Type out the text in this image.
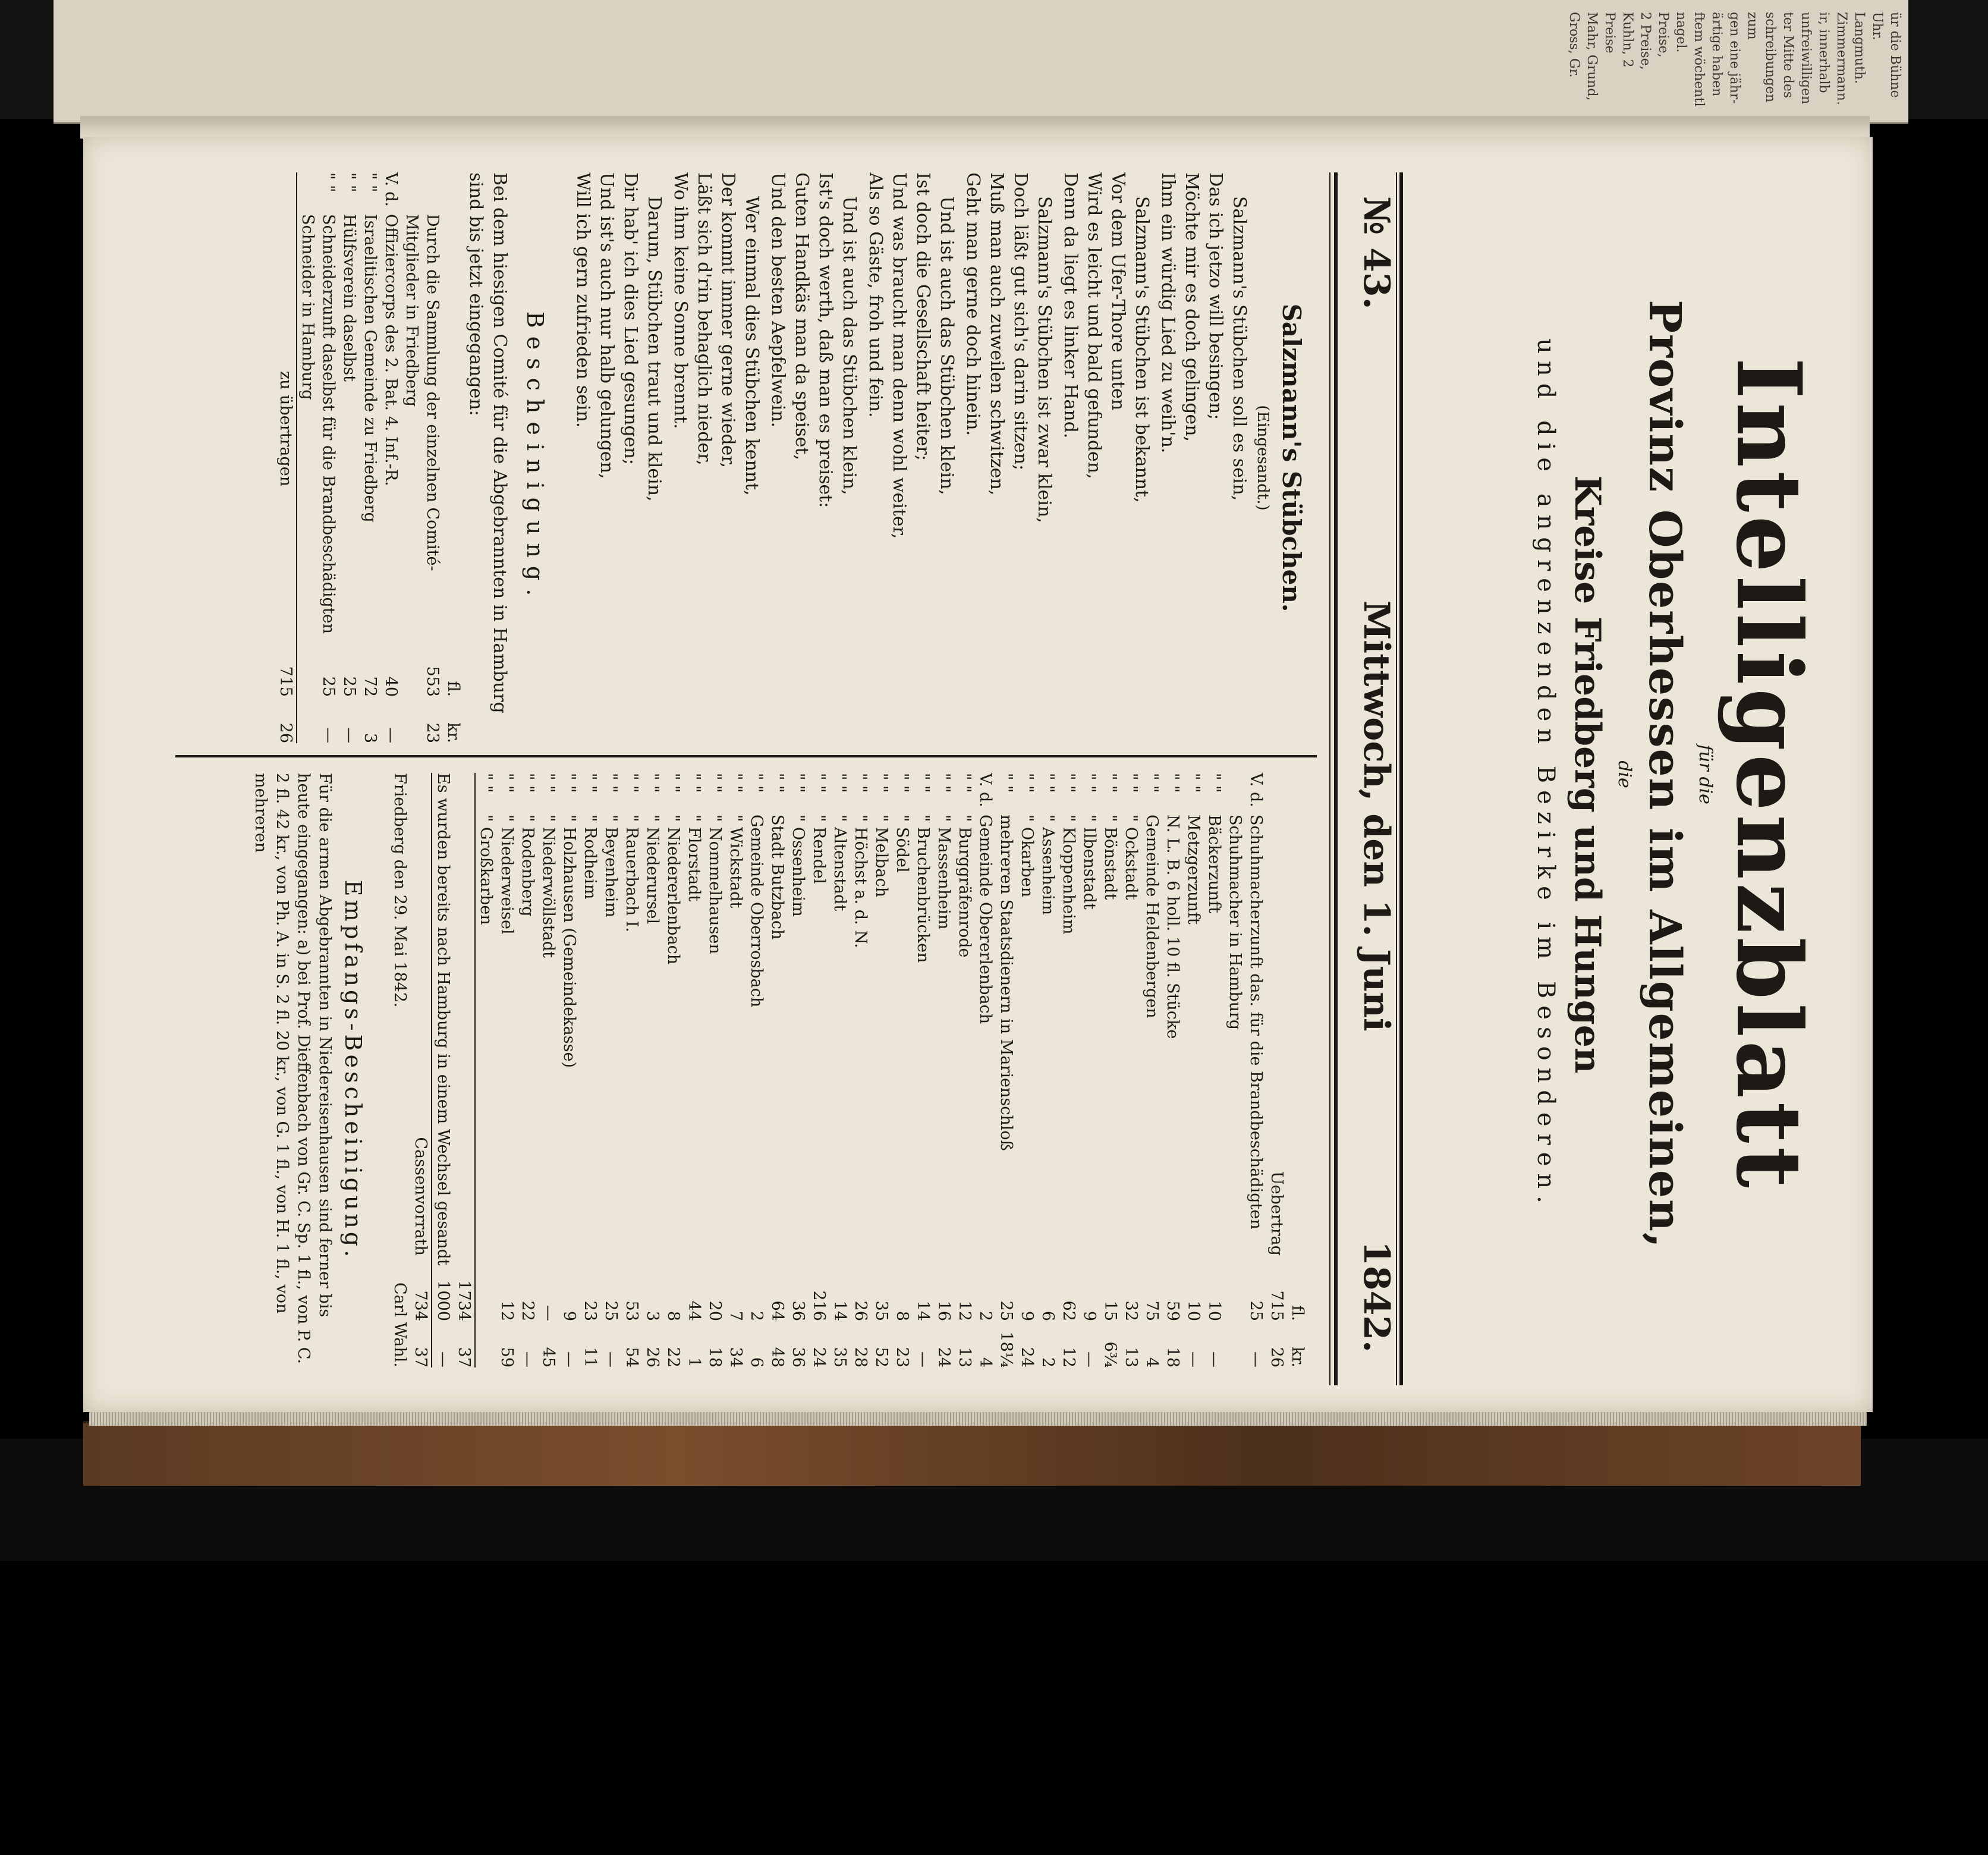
ür die Bühne
Uhr.
Langmuth.
Zimmermann.
ir, innerhalb
unfreiwilligen
ter Mitte des
schreibungen zum
gen eine jähr-
ärtige haben
ftem wöchentl
nagel.
Preise,
2 Preise,
Kuhln, 2 Preise
Mahr, Grund,
Gross, Gr.
Intelligenzblatt
für die
Provinz Oberhessen im Allgemeinen,
die
Kreise Friedberg und Hungen
und die angrenzenden Bezirke im Besonderen.
№ 43.
Mittwoch, den 1. Juni
1842.
Salzmann's Stübchen.
(Eingesandt.)
Salzmann's Stübchen soll es sein,
Das ich jetzo will besingen;
Möchte mir es doch gelingen,
Ihm ein würdig Lied zu weih'n.
Salzmann's Stübchen ist bekannt,
Vor dem Ufer-Thore unten
Wird es leicht und bald gefunden,
Denn da liegt es linker Hand.
Salzmann's Stübchen ist zwar klein,
Doch läßt gut sich's darin sitzen;
Muß man auch zuweilen schwitzen,
Geht man gerne doch hinein.
Und ist auch das Stübchen klein,
Ist doch die Gesellschaft heiter;
Und was braucht man denn wohl weiter,
Als so Gäste, froh und fein.
Und ist auch das Stübchen klein,
Ist's doch werth, daß man es preiset:
Guten Handkäs man da speiset,
Und den besten Aepfelwein.
Wer einmal dies Stübchen kennt,
Der kommt immer gerne wieder,
Läßt sich d'rin behaglich nieder,
Wo ihm keine Sonne brennt.
Darum, Stübchen traut und klein,
Dir hab' ich dies Lied gesungen;
Und ist's auch nur halb gelungen,
Will ich gern zufrieden sein.
Bescheinigung.
Bei dem hiesigen Comité für die Abgebrannten in Hamburg sind bis jetzt eingegangen:
		fl.	kr.
	Durch die Sammlung der einzelnen Comité-Mitglieder in Friedberg	553	23
V. d.	Offiziercorps des 2. Bat. 4. Inf.-R.	40	—
" "	Israelitischen Gemeinde zu Friedberg	72	3
" "	Hülfsverein daselbst	25	—
" "	Schneiderzunft daselbst für die Brandbeschädigten Schneider in Hamburg	25	—
	zu übertragen	715	26
		fl.	kr.
	Uebertrag	715	26
V. d.	Schuhmacherzunft das. für die Brandbeschädigten Schuhmacher in Hamburg	25	—
" "	Bäckerzunft	10	—
" "	Metzgerzunft	10	—
" "	N. L. B. 6 holl. 10 fl. Stücke	59	18
" "	Gemeinde Heldenbergen	75	4
" "	" Ockstadt	32	13
" "	" Bönstadt	15	6¾
" "	" Ilbenstadt	9	—
" "	" Kloppenheim	62	12
" "	" Assenheim	6	2
" "	" Okarben	9	24
" "	mehreren Staatsdienern in Marienschloß	25	18¼
V. d.	Gemeinde Obererlenbach	2	4
" "	" Burggräfenrode	12	13
" "	" Massenheim	16	24
" "	" Bruchenbrücken	14	—
" "	" Södel	8	23
" "	" Melbach	35	52
" "	" Höchst a. d. N.	26	28
" "	" Altenstadt	14	35
" "	" Rendel	216	24
" "	" Ossenheim	36	36
" "	Stadt Butzbach	64	48
" "	Gemeinde Oberrosbach	2	6
" "	" Wickstadt	7	34
" "	" Nommelhausen	20	18
" "	" Florstadt	44	1
" "	" Niedererlenbach	8	22
" "	" Niederursel	3	26
" "	" Rauerbach I.	53	54
" "	" Beyenheim	25	—
" "	" Rodheim	23	11
" "	" Holzhausen (Gemeindekasse)	9	—
" "	" Niederwöllstadt	—	45
" "	" Rodenberg	22	—
" "	" Niederweisel	12	59
" "	" Großkarben		
		1734	37
Es wurden bereits nach Hamburg in einem Wechsel gesandt		1000	—
	Cassenvorrath	734	37
Friedberg den 29. Mai 1842.		Carl Wahl.	
Empfangs-Bescheinigung.
Für die armen Abgebrannten in Niedereisenhausen sind ferner bis heute eingegangen: a) bei Prof. Dieffenbach von Gr. C. Sp. 1 fl., von P. C. 2 fl. 42 kr., von Ph. A. in S. 2 fl. 20 kr., von G. 1 fl., von H. 1 fl., von mehreren
